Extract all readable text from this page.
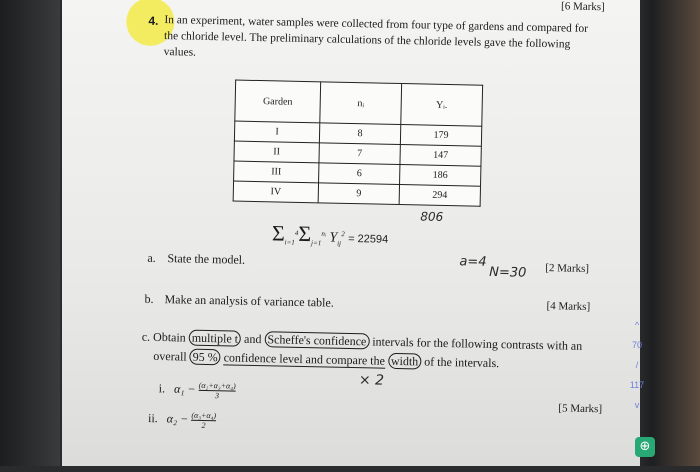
[6 Marks]
4. In an experiment, water samples were collected from four type of gardens and compared for the chloride level. The preliminary calculations of the chloride levels gave the following values.
Garden	nᵢ	Yᵢ.
I	8	179
II	7	147
III	6	186
IV	9	294
806
$\Sigma_{i=1}^4\Sigma_{j=1}^{nᵢ}$ $Y_{ij}^2 = 22594$
a. State the model.	a=4
N=30 [2 Marks]
b. Make an analysis of variance table.	[4 Marks]
c. Obtain multiple t and Scheffe's confidence intervals for the following contrasts with an
overall 95 % confidence level and compare the width of the intervals.
× 2
i. $\alpha_1 - \frac{\text{(α₂+α₃+α₄)}}{3}$
ii. $\alpha_2 - \frac{\text{(α₃+α₄)}}{2}$
[5 Marks]
^
70
/
117
v
⊕
